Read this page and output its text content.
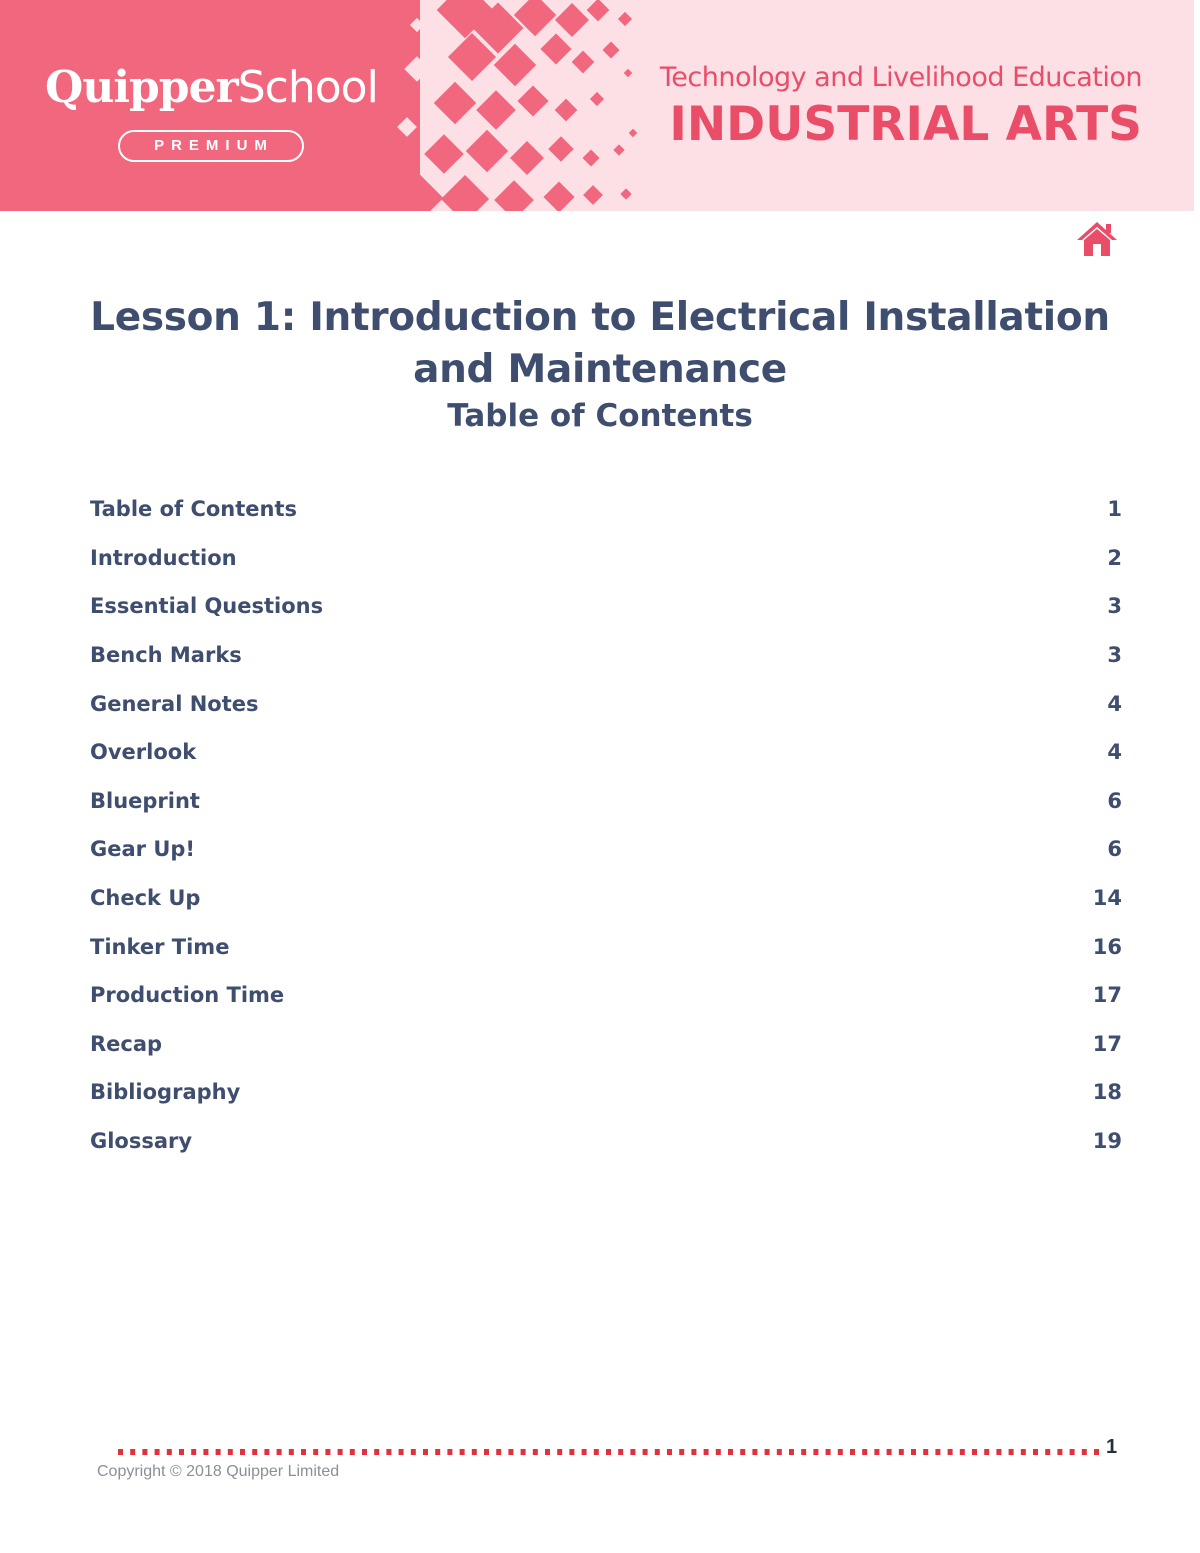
QuipperSchool
PREMIUM
Technology and Livelihood Education
INDUSTRIAL ARTS
Lesson 1: Introduction to Electrical Installation
and Maintenance
Table of Contents
Table of Contents	1
Introduction	2
Essential Questions	3
Bench Marks	3
General Notes	4
Overlook	4
Blueprint	6
Gear Up!	6
Check Up	14
Tinker Time	16
Production Time	17
Recap	17
Bibliography	18
Glossary	19
1
Copyright © 2018 Quipper Limited
